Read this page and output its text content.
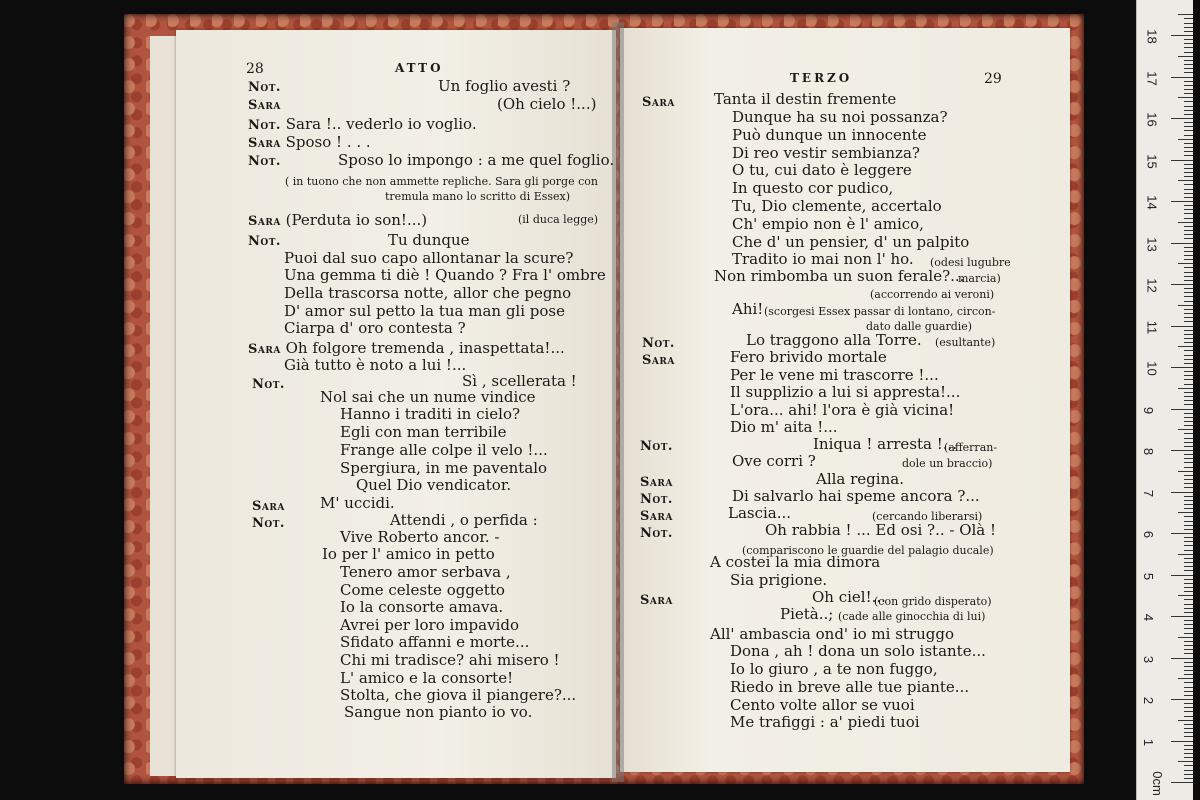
28	ATTO
TERZO	29
Not.	Un foglio avesti ?
Sara	(Oh cielo !...)
Not. Sara !.. vederlo io voglio.
Sara Sposo ! . . .
Not.	Sposo lo impongo : a me quel foglio.
( in tuono che non ammette repliche. Sara gli porge con
tremula mano lo scritto di Essex)
Sara (Perduta io son!...)	(il duca legge)
Not.	Tu dunque
Puoi dal suo capo allontanar la scure?
Una gemma ti diè ! Quando ? Fra l' ombre
Della trascorsa notte, allor che pegno
D' amor sul petto la tua man gli pose
Ciarpa d' oro contesta ?
Sara Oh folgore tremenda , inaspettata!...
Già tutto è noto a lui !...
Not.	Sì , scellerata !
Nol sai che un nume vindice
Hanno i traditi in cielo?
Egli con man terribile
Frange alle colpe il velo !...
Spergiura, in me paventalo
Quel Dio vendicator.
Sara M' uccidi.
Not.	Attendi , o perfida :
Vive Roberto ancor. -
Io per l' amico in petto
Tenero amor serbava ,
Come celeste oggetto
Io la consorte amava.
Avrei per loro impavido
Sfidato affanni e morte...
Chi mi tradisce? ahi misero !
L' amico e la consorte!
Stolta, che giova il piangere?...
Sangue non pianto io vo.
Sara	Tanta il destin fremente
Dunque ha su noi possanza?
Può dunque un innocente
Di reo vestir sembianza?
O tu, cui dato è leggere
In questo cor pudico,
Tu, Dio clemente, accertalo
Ch' empio non è l' amico,
Che d' un pensier, d' un palpito
Tradito io mai non l' ho. (odesi lugubre
Non rimbomba un suon ferale?...
marcia)
(accorrendo ai veroni)
Ahi! (scorgesi Essex passar di lontano, circon-
dato dalle guardie)
Not.	Lo traggono alla Torre. (esultante)
Sara	Fero brivido mortale
Per le vene mi trascorre !...
Il supplizio a lui si appresta!...
L'ora... ahi! l'ora è già vicina!
Dio m' aita !...
Not.	Iniqua ! arresta !...
(afferran-
Ove corri ?	dole un braccio)
Sara	Alla regina.
Not.	Di salvarlo hai speme ancora ?...
Sara	Lascia...	(cercando liberarsi)
Not.	Oh rabbia ! ... Ed osi ?.. - Olà !
(compariscono le guardie del palagio ducale)
A costei la mia dimora
Sia prigione.
Sara	Oh ciel!...
(con grido disperato)
Pietà..; (cade alle ginocchia di lui)
All' ambascia ond' io mi struggo
Dona , ah ! dona un solo istante...
Io lo giuro , a te non fuggo,
Riedo in breve alle tue piante...
Cento volte allor se vuoi
Me trafiggi : a' piedi tuoi
0cm
1
2
3
4
5
6
7
8
9
10
11
12
13
14
15
16
17
18
